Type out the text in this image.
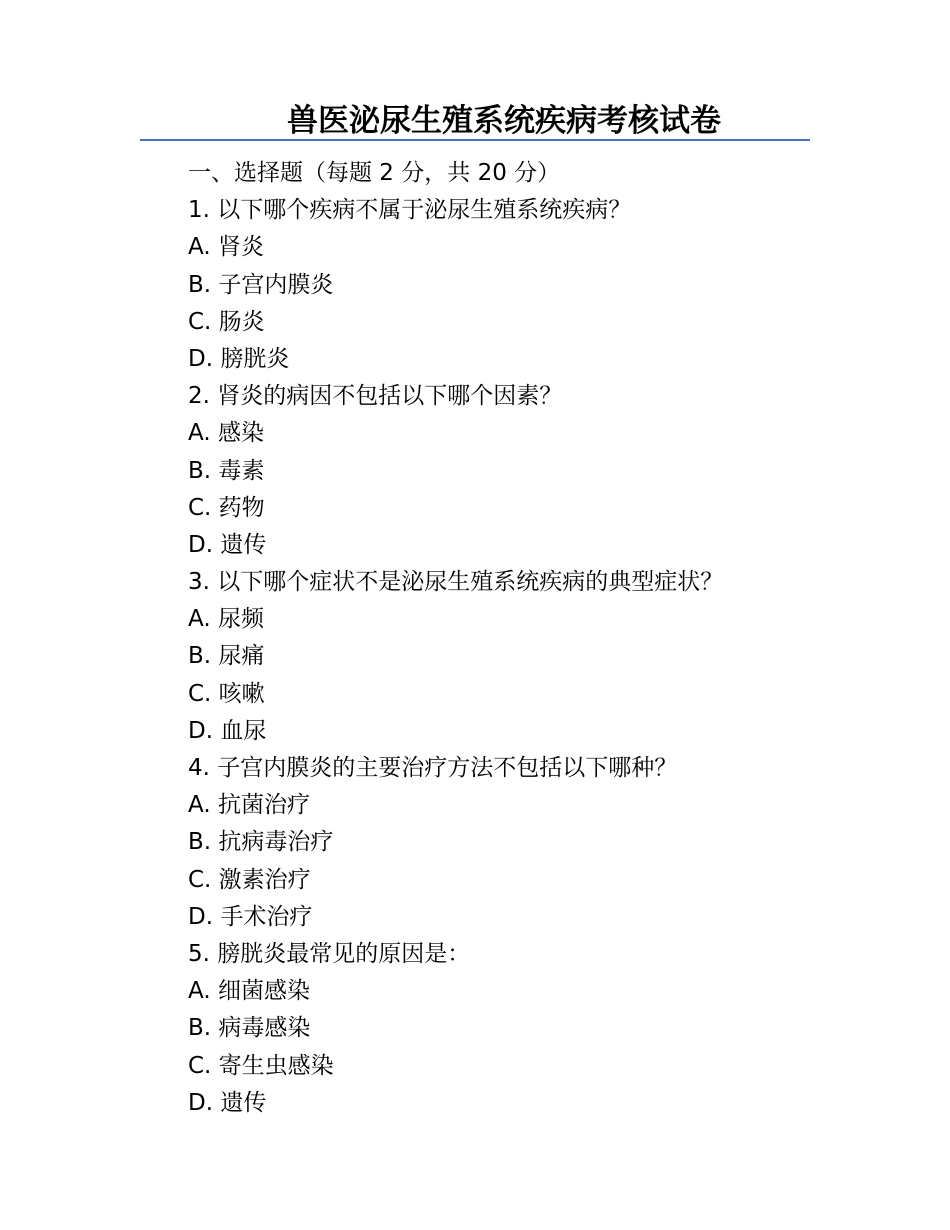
兽医泌尿生殖系统疾病考核试卷
一、选择题（每题 2 分，共 20 分）
1. 以下哪个疾病不属于泌尿生殖系统疾病？
A. 肾炎
B. 子宫内膜炎
C. 肠炎
D. 膀胱炎
2. 肾炎的病因不包括以下哪个因素？
A. 感染
B. 毒素
C. 药物
D. 遗传
3. 以下哪个症状不是泌尿生殖系统疾病的典型症状？
A. 尿频
B. 尿痛
C. 咳嗽
D. 血尿
4. 子宫内膜炎的主要治疗方法不包括以下哪种？
A. 抗菌治疗
B. 抗病毒治疗
C. 激素治疗
D. 手术治疗
5. 膀胱炎最常见的原因是：
A. 细菌感染
B. 病毒感染
C. 寄生虫感染
D. 遗传
